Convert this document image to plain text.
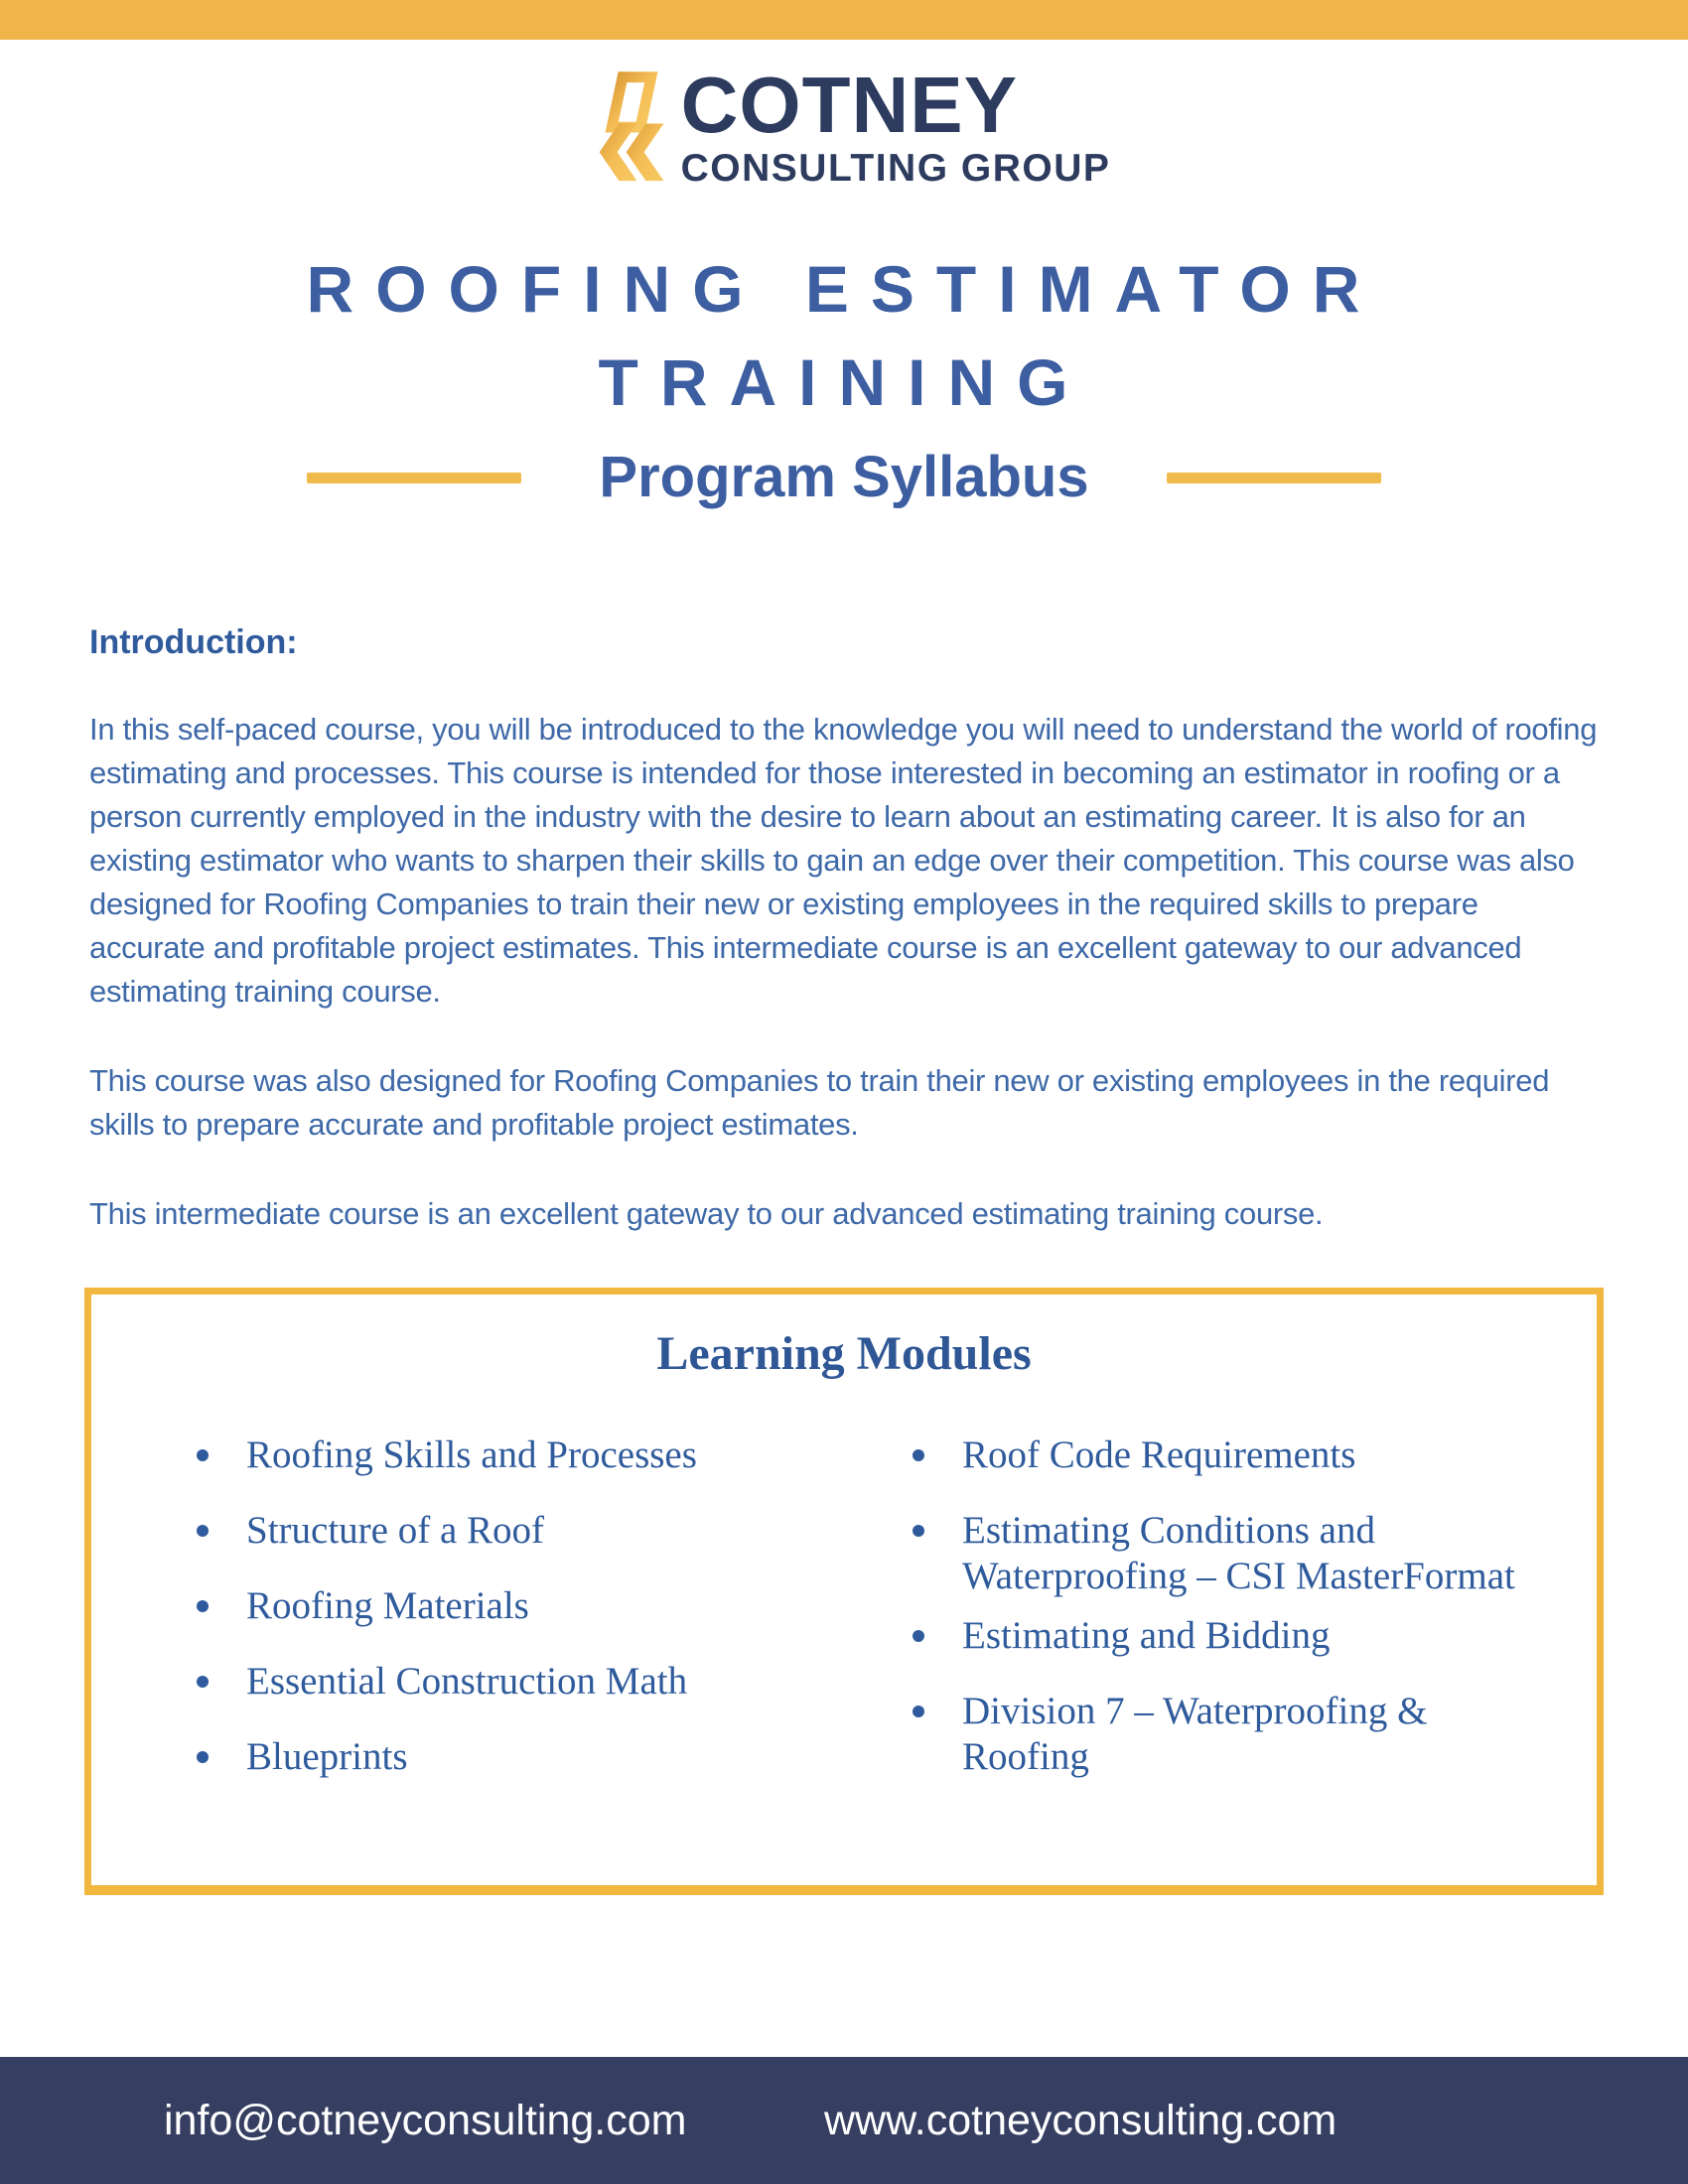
COTNEY
CONSULTING GROUP
ROOFING ESTIMATOR
TRAINING
Program Syllabus
Introduction:

In this self-paced course, you will be introduced to the knowledge you will need to understand the world of roofing estimating and processes. This course is intended for those interested in becoming an estimator in roofing or a person currently employed in the industry with the desire to learn about an estimating career. It is also for an existing estimator who wants to sharpen their skills to gain an edge over their competition. This course was also designed for Roofing Companies to train their new or existing employees in the required skills to prepare accurate and profitable project estimates. This intermediate course is an excellent gateway to our advanced estimating training course.

This course was also designed for Roofing Companies to train their new or existing employees in the required skills to prepare accurate and profitable project estimates.

This intermediate course is an excellent gateway to our advanced estimating training course.

Learning Modules
Roofing Skills and Processes
Structure of a Roof
Roofing Materials
Essential Construction Math
Blueprints
Roof Code Requirements
Estimating Conditions and Waterproofing – CSI MasterFormat
Estimating and Bidding
Division 7 – Waterproofing & Roofing
info@cotneyconsulting.com	www.cotneyconsulting.com
